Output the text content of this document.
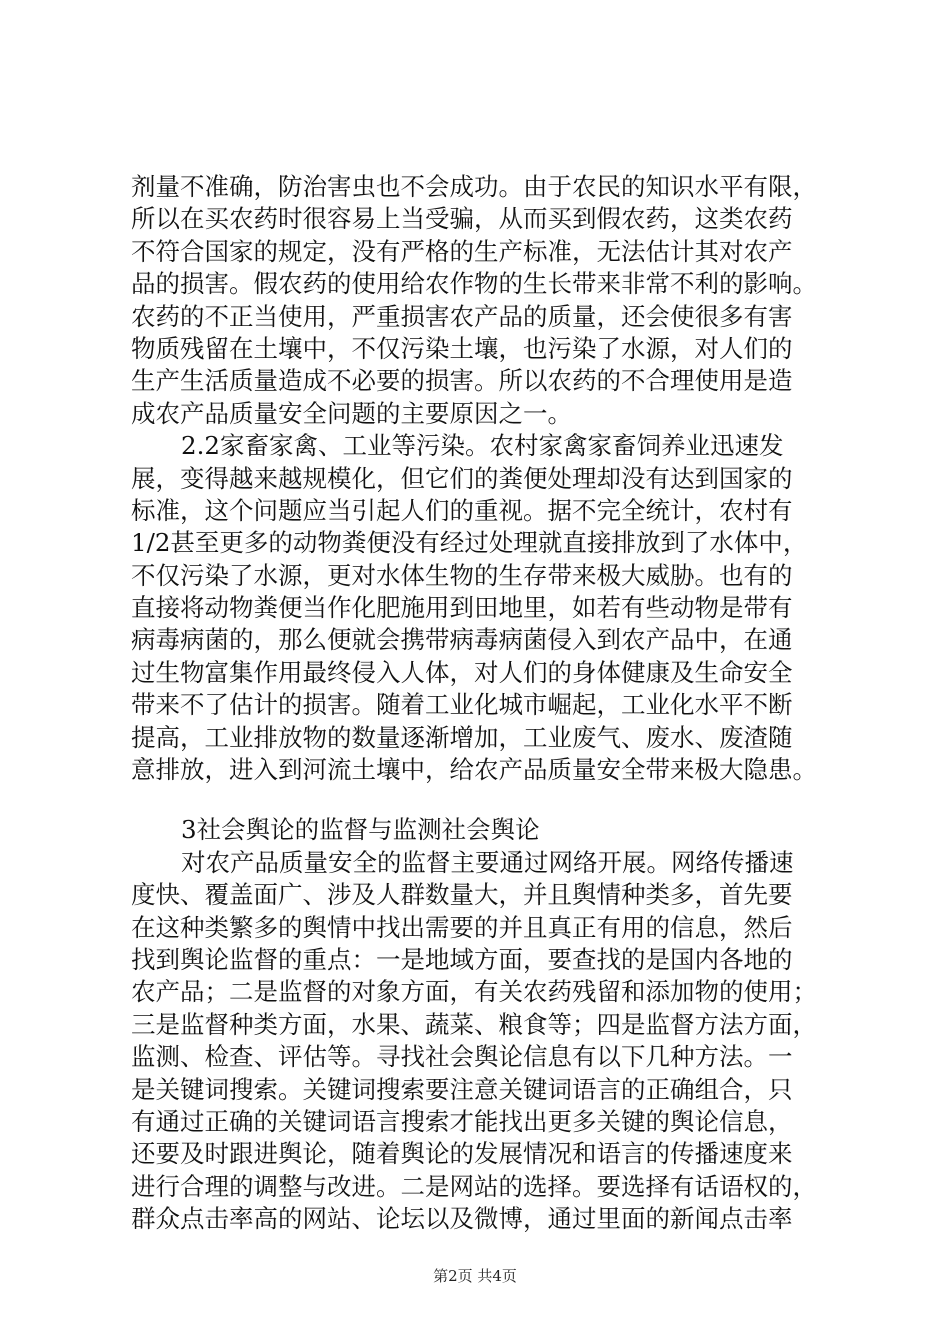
剂量不准确，防治害虫也不会成功。由于农民的知识水平有限，
所以在买农药时很容易上当受骗，从而买到假农药，这类农药
不符合国家的规定，没有严格的生产标准，无法估计其对农产
品的损害。假农药的使用给农作物的生长带来非常不利的影响。
农药的不正当使用，严重损害农产品的质量，还会使很多有害
物质残留在土壤中，不仅污染土壤，也污染了水源，对人们的
生产生活质量造成不必要的损害。所以农药的不合理使用是造
成农产品质量安全问题的主要原因之一。
2.2家畜家禽、工业等污染。农村家禽家畜饲养业迅速发
展，变得越来越规模化，但它们的粪便处理却没有达到国家的
标准，这个问题应当引起人们的重视。据不完全统计，农村有
1/2甚至更多的动物粪便没有经过处理就直接排放到了水体中，
不仅污染了水源，更对水体生物的生存带来极大威胁。也有的
直接将动物粪便当作化肥施用到田地里，如若有些动物是带有
病毒病菌的，那么便就会携带病毒病菌侵入到农产品中，在通
过生物富集作用最终侵入人体，对人们的身体健康及生命安全
带来不了估计的损害。随着工业化城市崛起，工业化水平不断
提高，工业排放物的数量逐渐增加，工业废气、废水、废渣随
意排放，进入到河流土壤中，给农产品质量安全带来极大隐患。
3社会舆论的监督与监测社会舆论
对农产品质量安全的监督主要通过网络开展。网络传播速
度快、覆盖面广、涉及人群数量大，并且舆情种类多，首先要
在这种类繁多的舆情中找出需要的并且真正有用的信息，然后
找到舆论监督的重点：一是地域方面，要查找的是国内各地的
农产品；二是监督的对象方面，有关农药残留和添加物的使用；
三是监督种类方面，水果、蔬菜、粮食等；四是监督方法方面，
监测、检查、评估等。寻找社会舆论信息有以下几种方法。一
是关键词搜索。关键词搜索要注意关键词语言的正确组合，只
有通过正确的关键词语言搜索才能找出更多关键的舆论信息，
还要及时跟进舆论，随着舆论的发展情况和语言的传播速度来
进行合理的调整与改进。二是网站的选择。要选择有话语权的，
群众点击率高的网站、论坛以及微博，通过里面的新闻点击率
第2页 共4页
